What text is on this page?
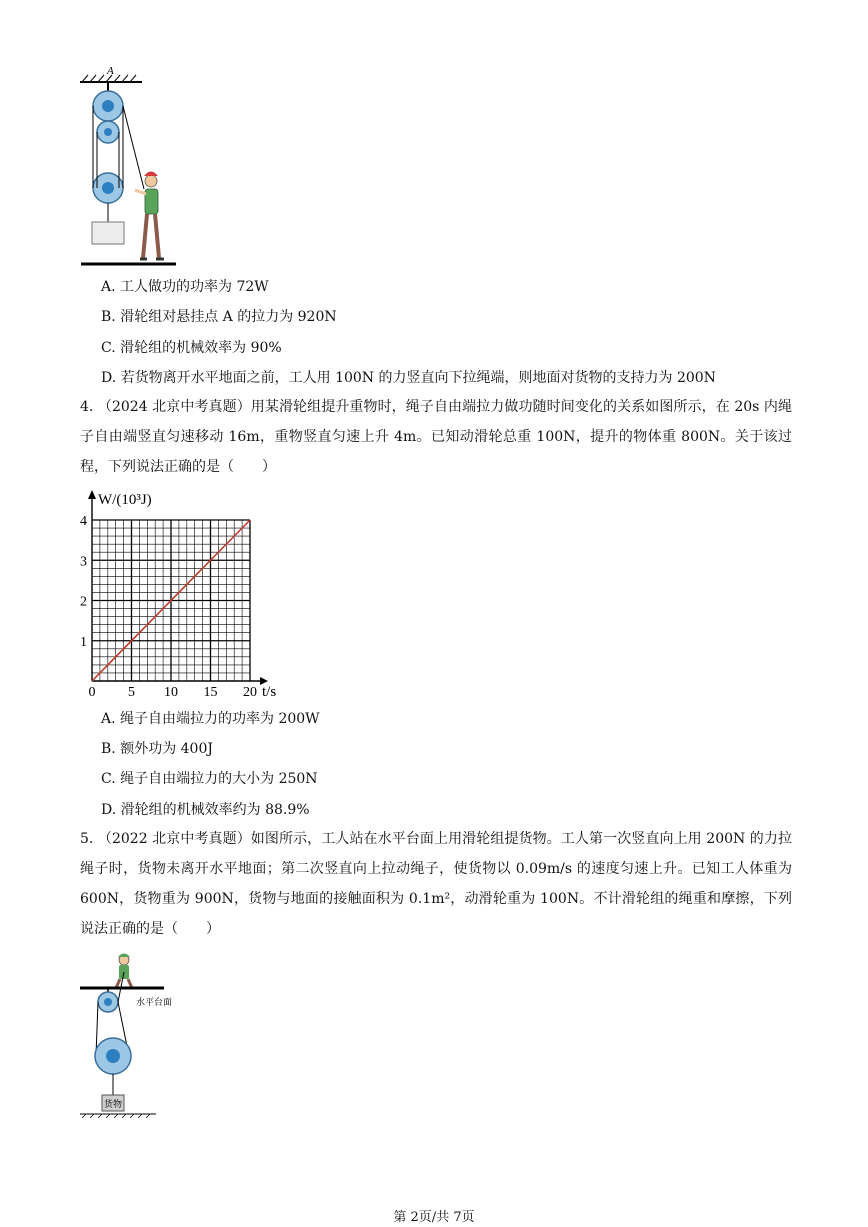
A
A. 工人做功的功率为 72W
B. 滑轮组对悬挂点 A 的拉力为 920N
C. 滑轮组的机械效率为 90%
D. 若货物离开水平地面之前，工人用 100N 的力竖直向下拉绳端，则地面对货物的支持力为 200N
4. （2024 北京中考真题）用某滑轮组提升重物时，绳子自由端拉力做功随时间变化的关系如图所示，在 20s 内绳子自由端竖直匀速移动 16m，重物竖直匀速上升 4m。已知动滑轮总重 100N，提升的物体重 800N。关于该过程，下列说法正确的是（　　）
W/(10³J)
t/s
0 5 10 15 20
1
2
3
4
A. 绳子自由端拉力的功率为 200W
B. 额外功为 400J
C. 绳子自由端拉力的大小为 250N
D. 滑轮组的机械效率约为 88.9%
5. （2022 北京中考真题）如图所示，工人站在水平台面上用滑轮组提货物。工人第一次竖直向上用 200N 的力拉绳子时，货物未离开水平地面；第二次竖直向上拉动绳子，使货物以 0.09m/s 的速度匀速上升。已知工人体重为 600N，货物重为 900N，货物与地面的接触面积为 0.1m²，动滑轮重为 100N。不计滑轮组的绳重和摩擦，下列说法正确的是（　　）
水平台面
货物
第 2页/共 7页
